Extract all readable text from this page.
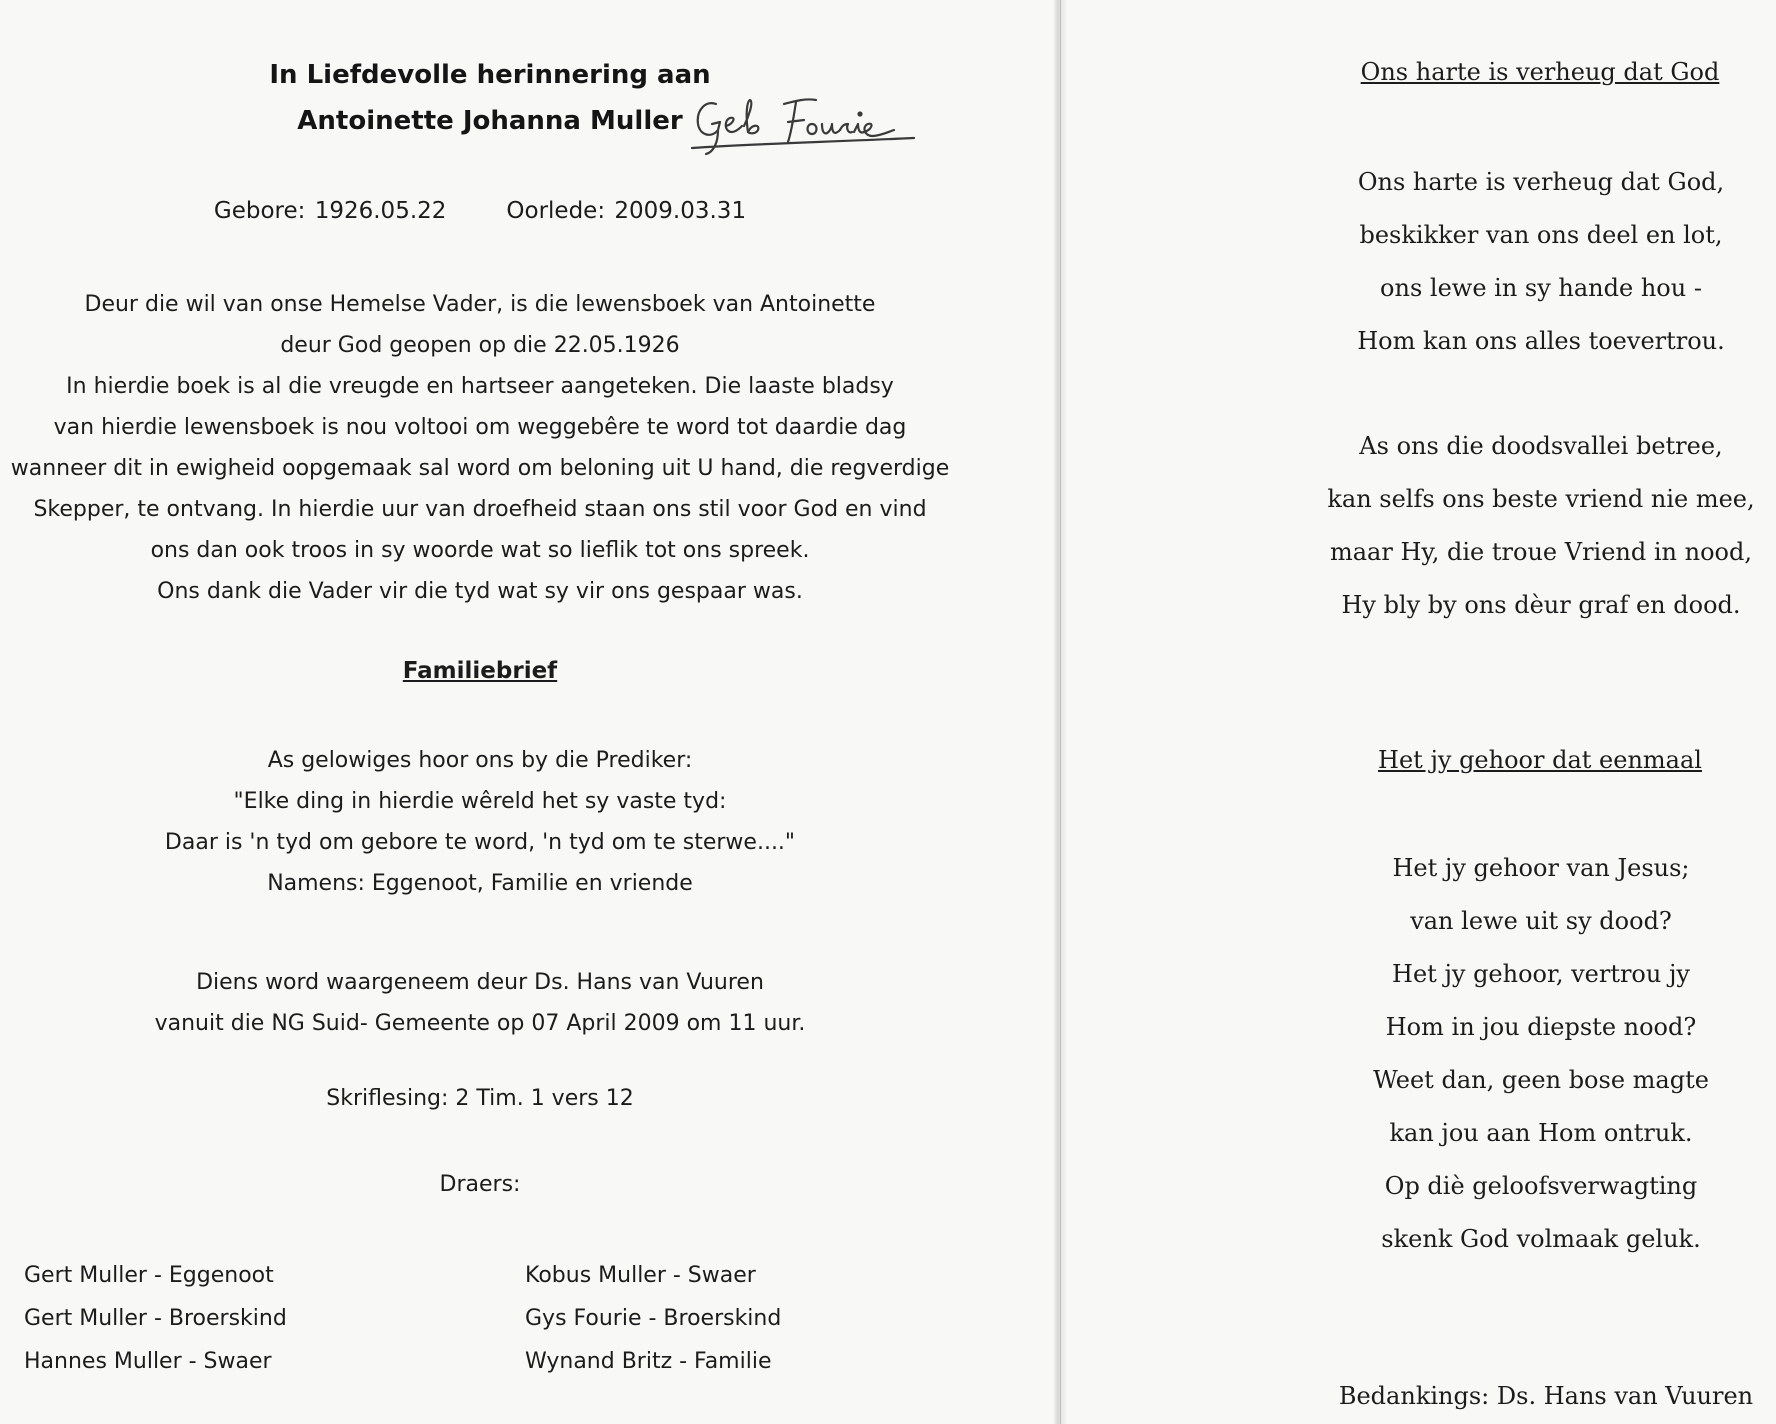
In Liefdevolle herinnering aan
Antoinette Johanna Muller
Gebore: 1926.05.22	Oorlede: 2009.03.31
Deur die wil van onse Hemelse Vader, is die lewensboek van Antoinette
deur God geopen op die 22.05.1926
In hierdie boek is al die vreugde en hartseer aangeteken. Die laaste bladsy
van hierdie lewensboek is nou voltooi om weggebêre te word tot daardie dag
wanneer dit in ewigheid oopgemaak sal word om beloning uit U hand, die regverdige
Skepper, te ontvang. In hierdie uur van droefheid staan ons stil voor God en vind
ons dan ook troos in sy woorde wat so lieflik tot ons spreek.
Ons dank die Vader vir die tyd wat sy vir ons gespaar was.
Familiebrief
As gelowiges hoor ons by die Prediker:
"Elke ding in hierdie wêreld het sy vaste tyd:
Daar is 'n tyd om gebore te word, 'n tyd om te sterwe...."
Namens: Eggenoot, Familie en vriende
Diens word waargeneem deur Ds. Hans van Vuuren
vanuit die NG Suid- Gemeente op 07 April 2009 om 11 uur.
Skriflesing: 2 Tim. 1 vers 12
Draers:
Gert Muller - Eggenoot
Gert Muller - Broerskind
Hannes Muller - Swaer
Kobus Muller - Swaer
Gys Fourie - Broerskind
Wynand Britz - Familie
Ons harte is verheug dat God
Ons harte is verheug dat God,
beskikker van ons deel en lot,
ons lewe in sy hande hou -
Hom kan ons alles toevertrou.
As ons die doodsvallei betree,
kan selfs ons beste vriend nie mee,
maar Hy, die troue Vriend in nood,
Hy bly by ons dèur graf en dood.
Het jy gehoor dat eenmaal
Het jy gehoor van Jesus;
van lewe uit sy dood?
Het jy gehoor, vertrou jy
Hom in jou diepste nood?
Weet dan, geen bose magte
kan jou aan Hom ontruk.
Op diè geloofsverwagting
skenk God volmaak geluk.
Bedankings: Ds. Hans van Vuuren
